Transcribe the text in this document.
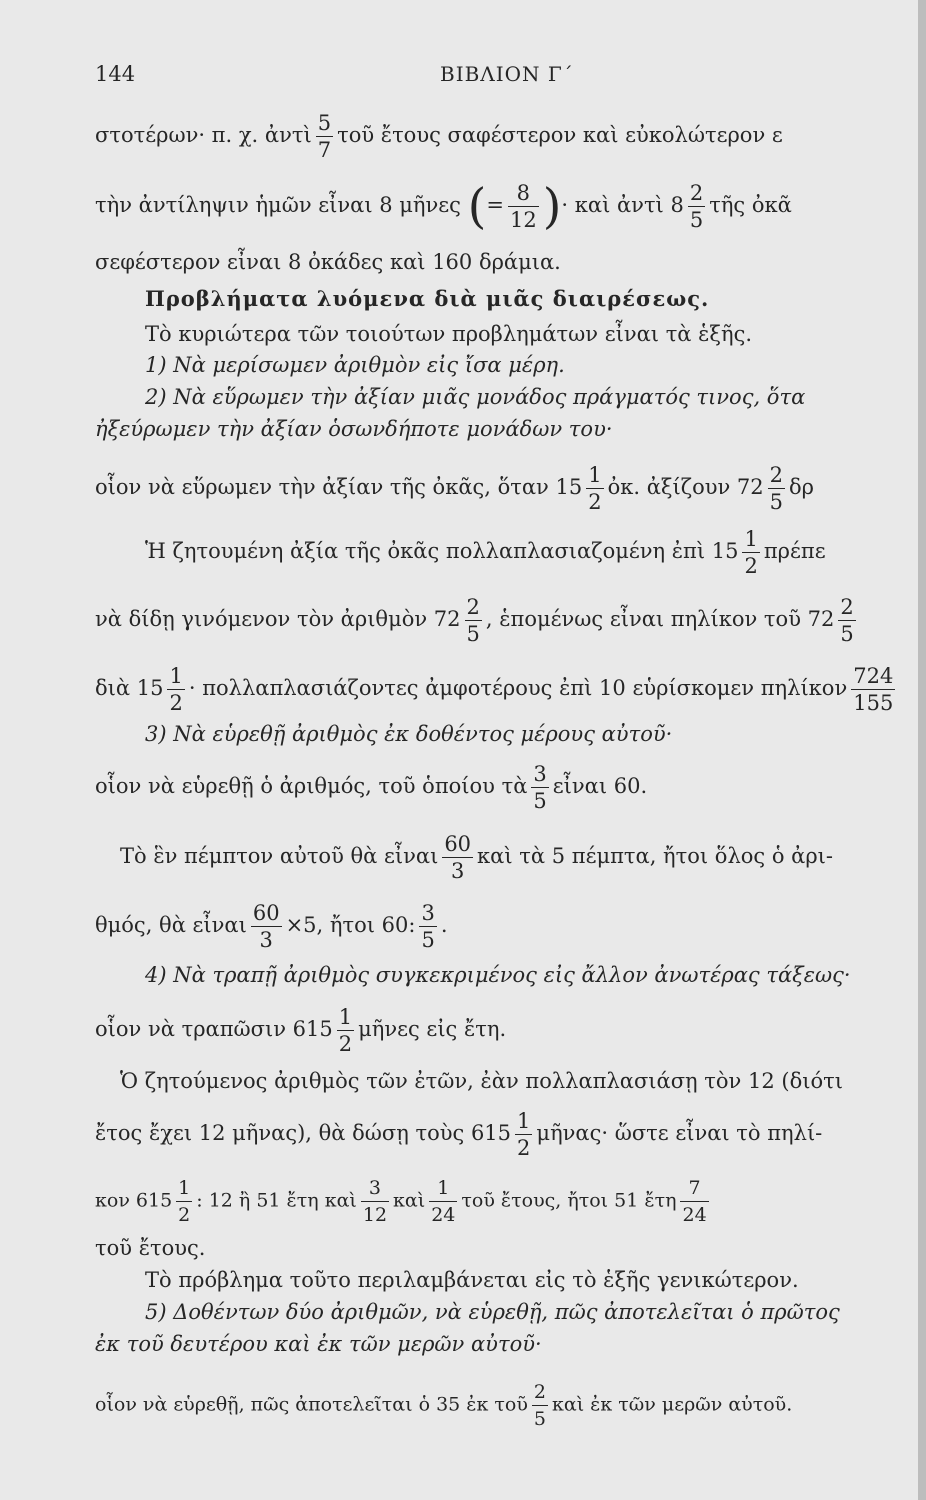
144	ΒΙΒΛΙΟΝ Γ΄
στοτέρων· π. χ. ἀντὶ $\frac{5}{7}$ τοῦ ἔτους σαφέστερον καὶ εὐκολώτερον ε
τὴν ἀντίληψιν ἡμῶν εἶναι 8 μῆνες (= $\frac{8}{12}$ )· καὶ ἀντὶ $8 \frac{2}{5}$ τῆς ὀκᾶ
σεφέστερον εἶναι 8 ὀκάδες καὶ 160 δράμια.
Προβλήματα λυόμενα διὰ μιᾶς διαιρέσεως.
Τὸ κυριώτερα τῶν τοιούτων προβλημάτων εἶναι τὰ ἑξῆς.
1) Νὰ μερίσωμεν ἀριθμὸν εἰς ἴσα μέρη.
2) Νὰ εὕρωμεν τὴν ἀξίαν μιᾶς μονάδος πράγματός τινος, ὅτα
ἠξεύρωμεν τὴν ἀξίαν ὁσωνδήποτε μονάδων του·
οἷον νὰ εὕρωμεν τὴν ἀξίαν τῆς ὀκᾶς, ὅταν $15 \frac{1}{2}$ ὀκ. ἀξίζουν $72 \frac{2}{5}$ δρ
Ἡ ζητουμένη ἀξία τῆς ὀκᾶς πολλαπλασιαζομένη ἐπὶ $15 \frac{1}{2}$ πρέπε
νὰ δίδῃ γινόμενον τὸν ἀριθμὸν $72 \frac{2}{5}$ , ἑπομένως εἶναι πηλίκον τοῦ $72 \frac{2}{5}$
διὰ $15 \frac{1}{2} \cdot \pi o\lambda\lambda\alpha\pi\lambda\alpha\sigma\iota ά\zeta o\nu\tau\varepsilon\varsigma$ ἀμφοτέρους ἐπὶ 10 εὑρίσκομεν πηλίκον $\frac{724}{155}$
3) Νὰ εὑρεθῇ ἀριθμὸς ἐκ δοθέντος μέρους αὐτοῦ·
οἷον νὰ εὑρεθῇ ὁ ἀριθμός, τοῦ ὁποίου τὰ $\frac{3}{5}$ εἶναι 60.
Τὸ ἓν πέμπτον αὐτοῦ θὰ εἶναι $\frac{60}{3}$ καὶ τὰ 5 πέμπτα, ἤτοι ὅλος ὁ ἀρι-
θμός, θὰ εἶναι $\frac{60}{3} \times 5$, ἤτοι 60: $\frac{3}{5}$ .
4) Νὰ τραπῇ ἀριθμὸς συγκεκριμένος εἰς ἄλλον ἀνωτέρας τάξεως·
οἷον νὰ τραπῶσιν $615 \frac{1}{2}$ μῆνες εἰς ἔτη.
Ὁ ζητούμενος ἀριθμὸς τῶν ἐτῶν, ἐὰν πολλαπλασιάσῃ τὸν 12 (διότι
ἔτος ἔχει 12 μῆνας), θὰ δώσῃ τοὺς $615 \frac{1}{2}$ μῆνας· ὥστε εἶναι τὸ πηλί-
κον $615 \frac{1}{2}$ : 12 ἢ 51 ἔτη καὶ $\frac{3}{12}$ καὶ $\frac{1}{24}$ τοῦ ἔτους, ἤτοι 51 ἔτη $\frac{7}{24}$
τοῦ ἔτους.
Τὸ πρόβλημα τοῦτο περιλαμβάνεται εἰς τὸ ἑξῆς γενικώτερον.
5) Δοθέντων δύο ἀριθμῶν, νὰ εὑρεθῇ, πῶς ἀποτελεῖται ὁ πρῶτος
ἐκ τοῦ δευτέρου καὶ ἐκ τῶν μερῶν αὐτοῦ·
οἷον νὰ εὑρεθῇ, πῶς ἀποτελεῖται ὁ 35 ἐκ τοῦ $\frac{2}{5}$ καὶ ἐκ τῶν μερῶν αὐτοῦ.
